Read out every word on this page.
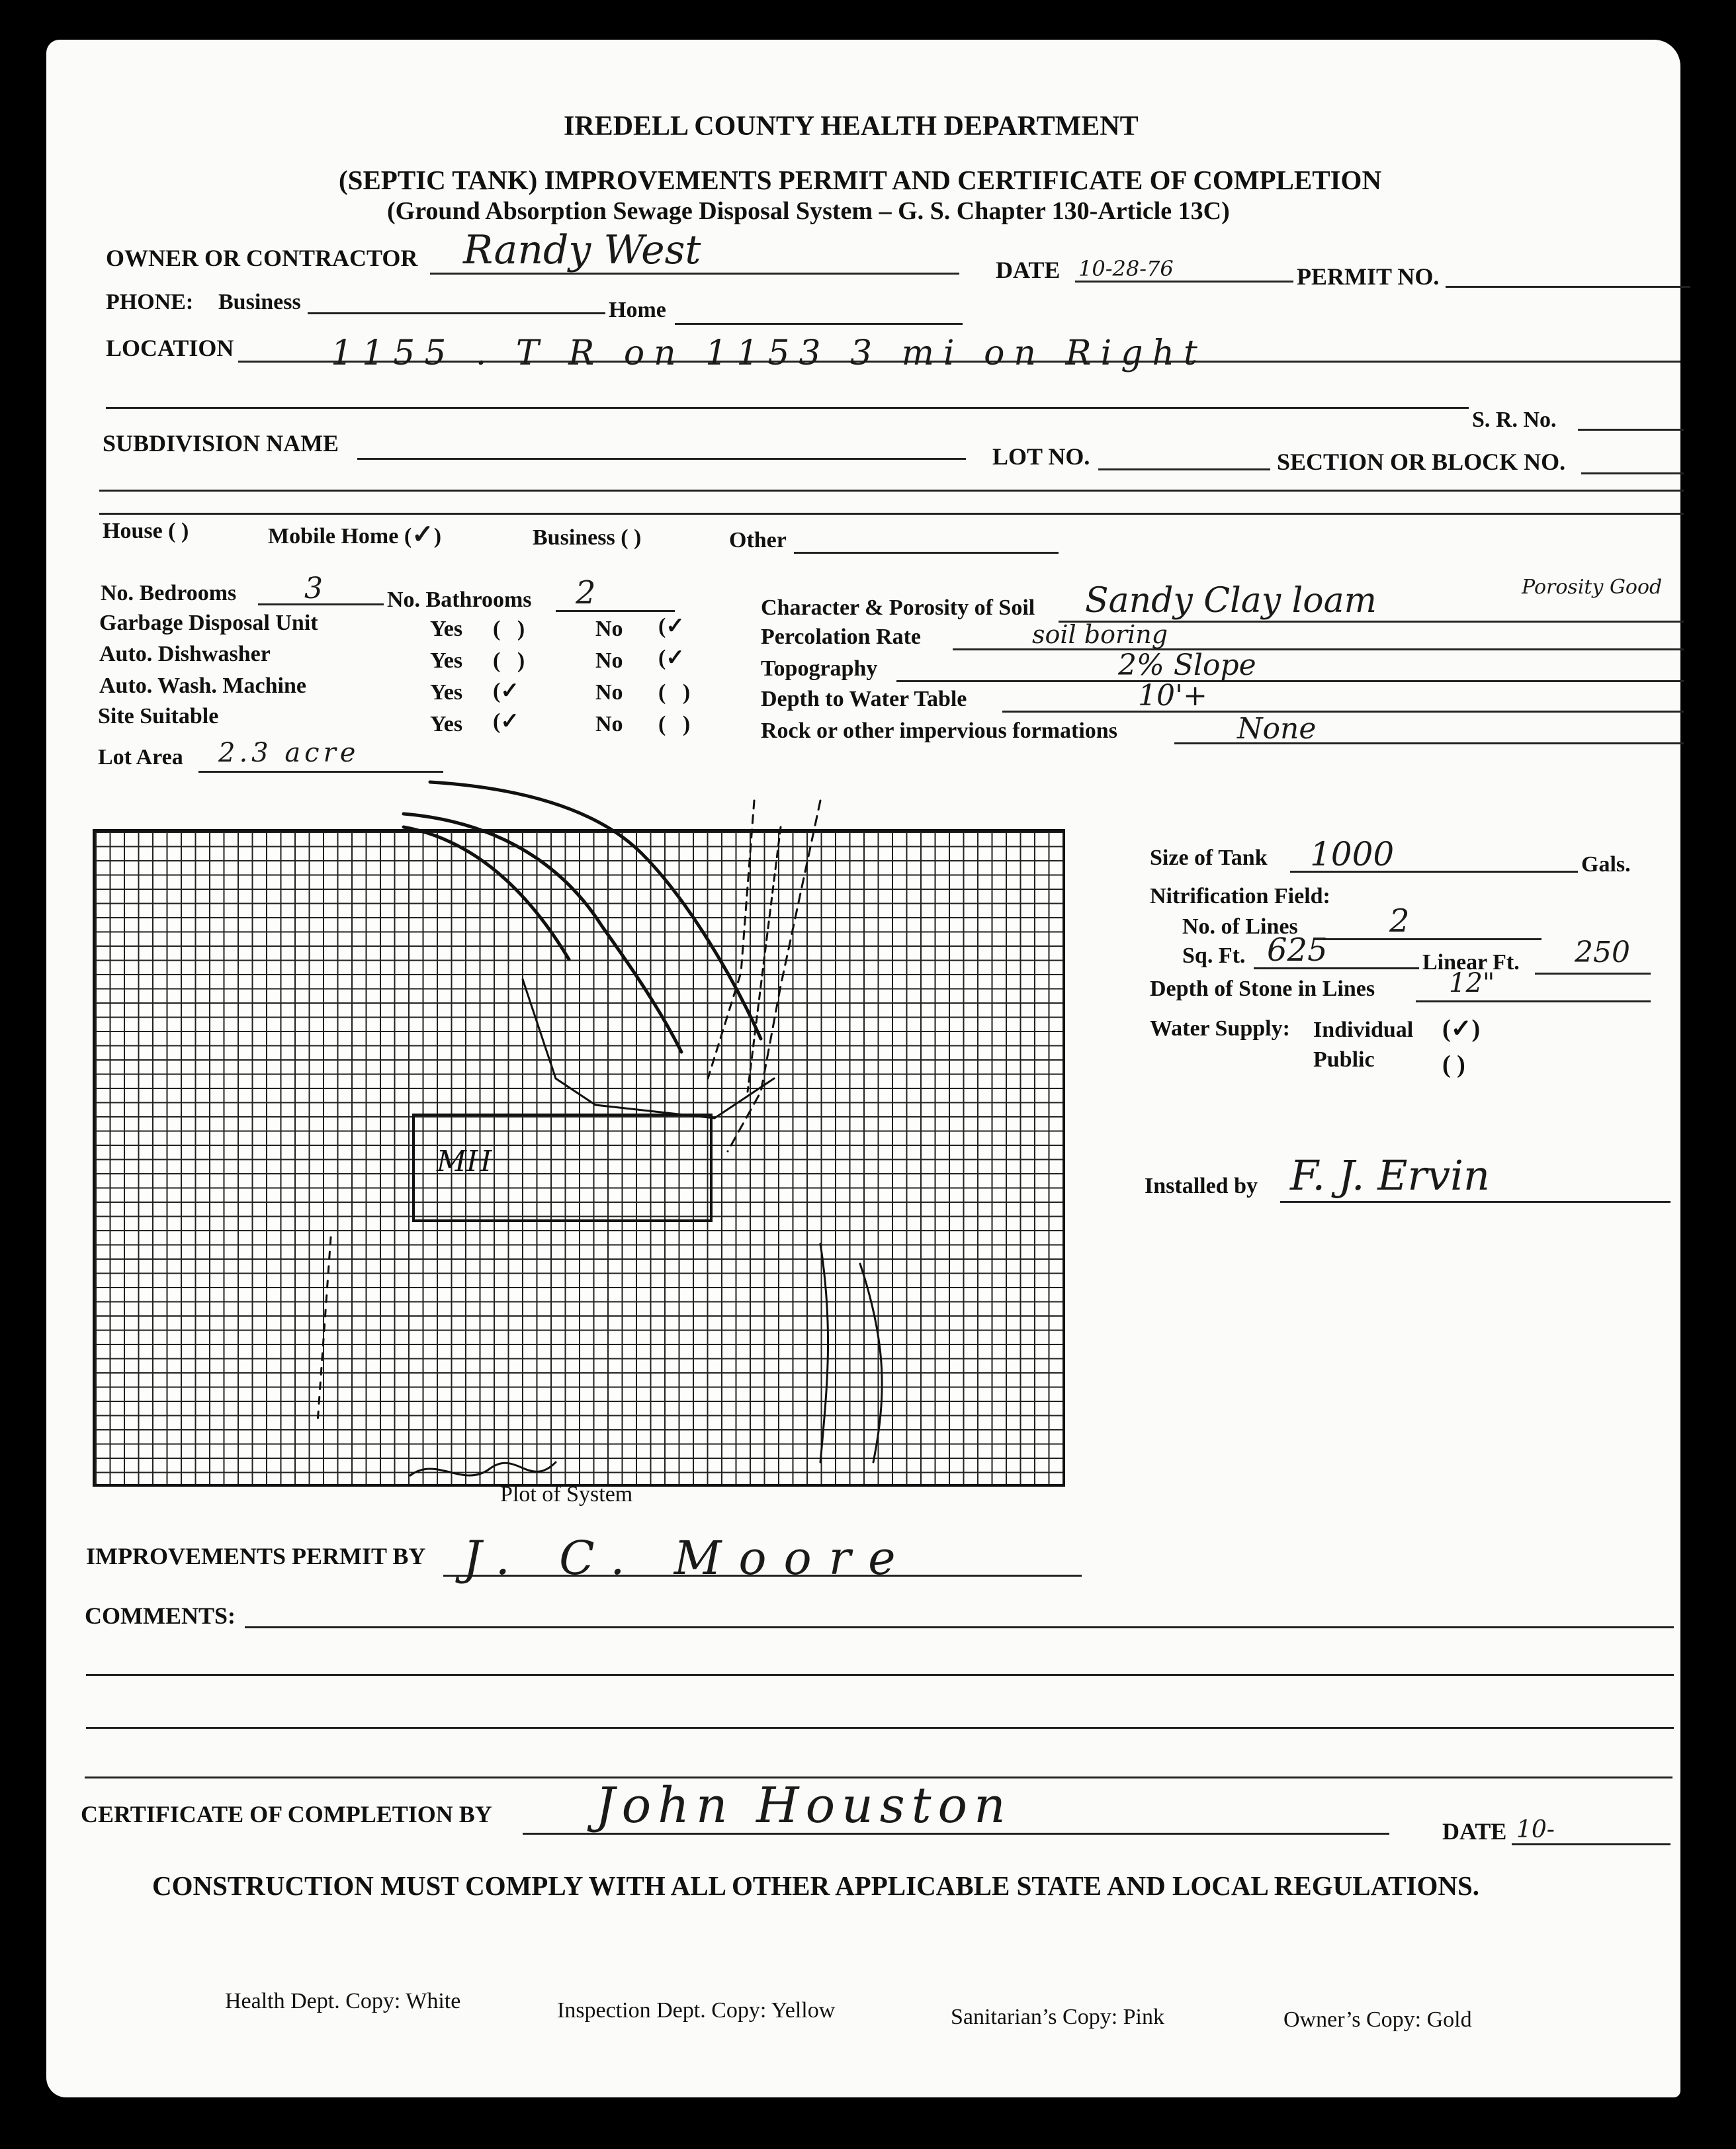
IREDELL COUNTY HEALTH DEPARTMENT
(SEPTIC TANK) IMPROVEMENTS PERMIT AND CERTIFICATE OF COMPLETION
(Ground Absorption Sewage Disposal System – G. S. Chapter 130-Article 13C)
OWNER OR CONTRACTOR Randy West	DATE 10-28-76	PERMIT NO.
PHONE: Business	Home
LOCATION	1155 . T R on 1153 3 mi on Right
S. R. No.
SUBDIVISION NAME	LOT NO.	SECTION OR BLOCK NO.
House ( )	Mobile Home (✓)	Business ( )	Other
No. Bedrooms 3	No. Bathrooms 2
Garbage Disposal Unit	Yes (   )	No (✓
Auto. Dishwasher	Yes (   )	No (✓
Auto. Wash. Machine	Yes (✓	No (   )
Site Suitable	Yes (✓	No (   )
Lot Area 2.3 acre
Character & Porosity of Soil Sandy Clay loam	Porosity Good
Percolation Rate	soil boring
Topography	2% Slope
Depth to Water Table	10'+
Rock or other impervious formations	None
MH
Plot of System
Size of Tank 1000	Gals.
Nitrification Field:
No. of Lines	2
Sq. Ft. 625	Linear Ft. 250
Depth of Stone in Lines	12"
Water Supply: Individual (✓)
Public	( )
Installed by F. J. Ervin
IMPROVEMENTS PERMIT BY J. C. Moore
COMMENTS:
CERTIFICATE OF COMPLETION BY John Houston	DATE 10-
CONSTRUCTION MUST COMPLY WITH ALL OTHER APPLICABLE STATE AND LOCAL REGULATIONS.
Health Dept. Copy: White	Inspection Dept. Copy: Yellow	Sanitarian’s Copy: Pink	Owner’s Copy: Gold
